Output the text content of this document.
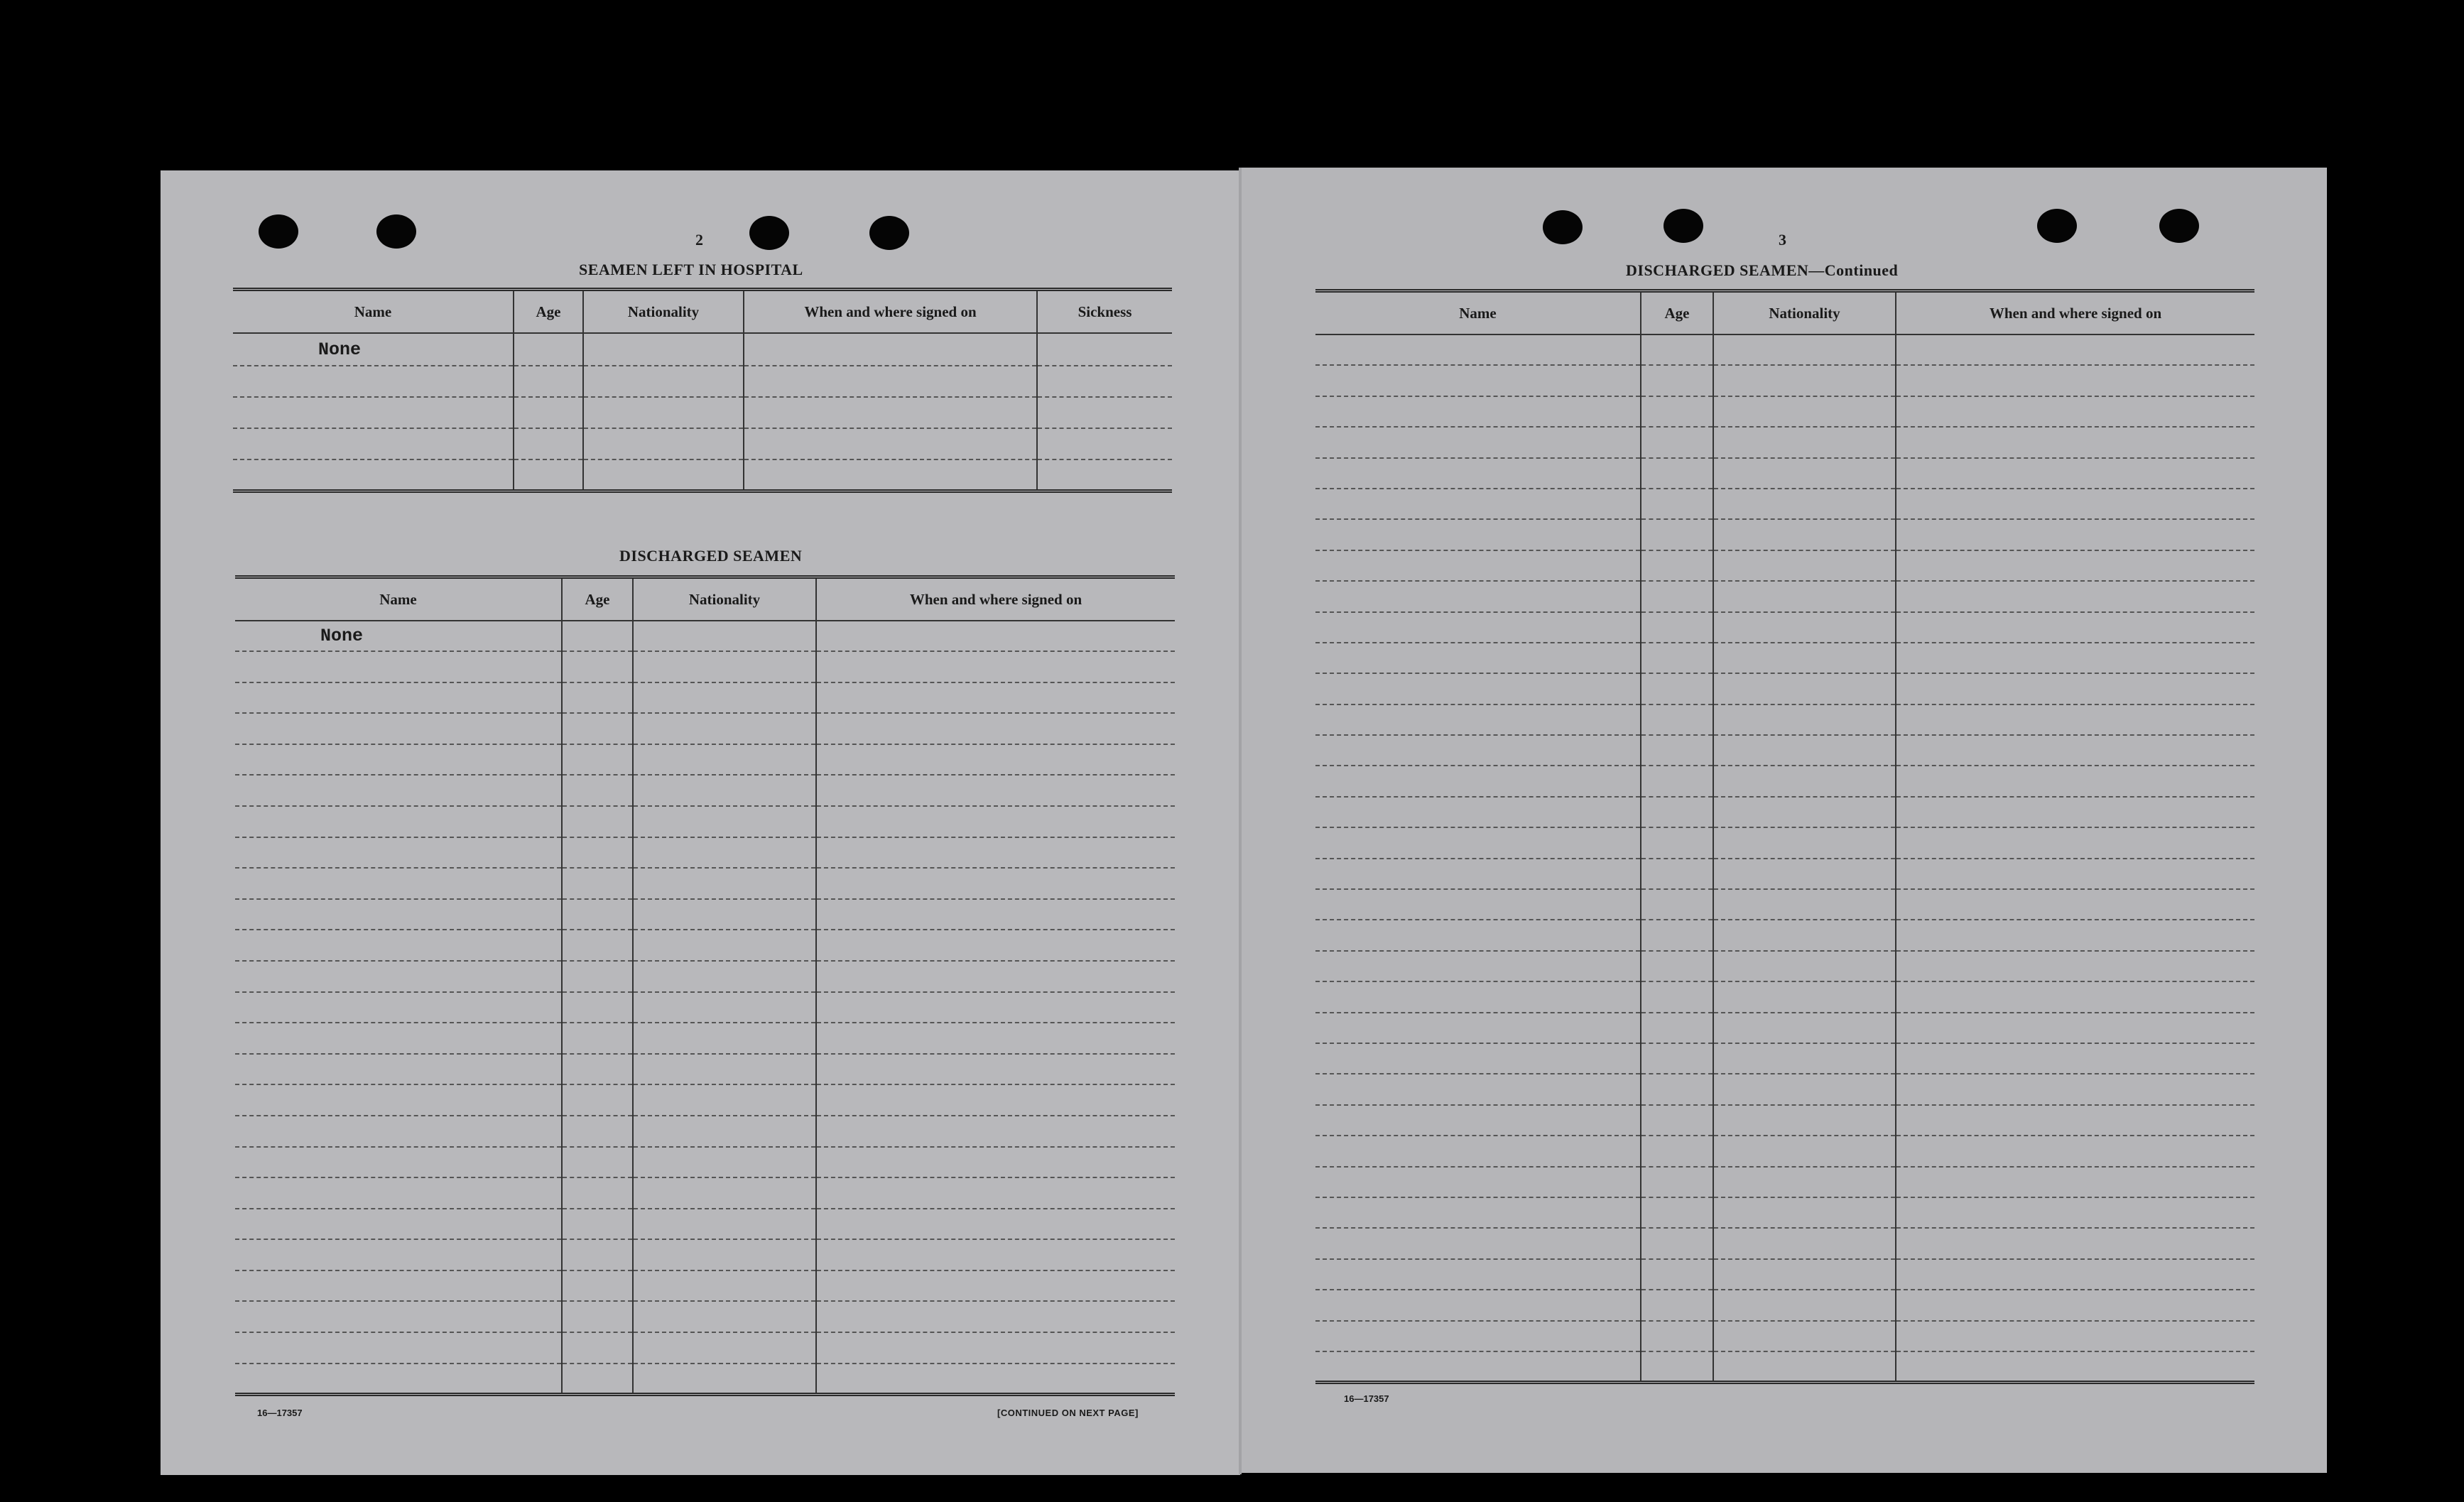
2
SEAMEN LEFT IN HOSPITAL
Name	Age	Nationality	When and where signed on	Sickness
None				

DISCHARGED SEAMEN
Name	Age	Nationality	When and where signed on
None			

16—17357	[CONTINUED ON NEXT PAGE]
3
DISCHARGED SEAMEN—Continued
Name	Age	Nationality	When and where signed on

16—17357
